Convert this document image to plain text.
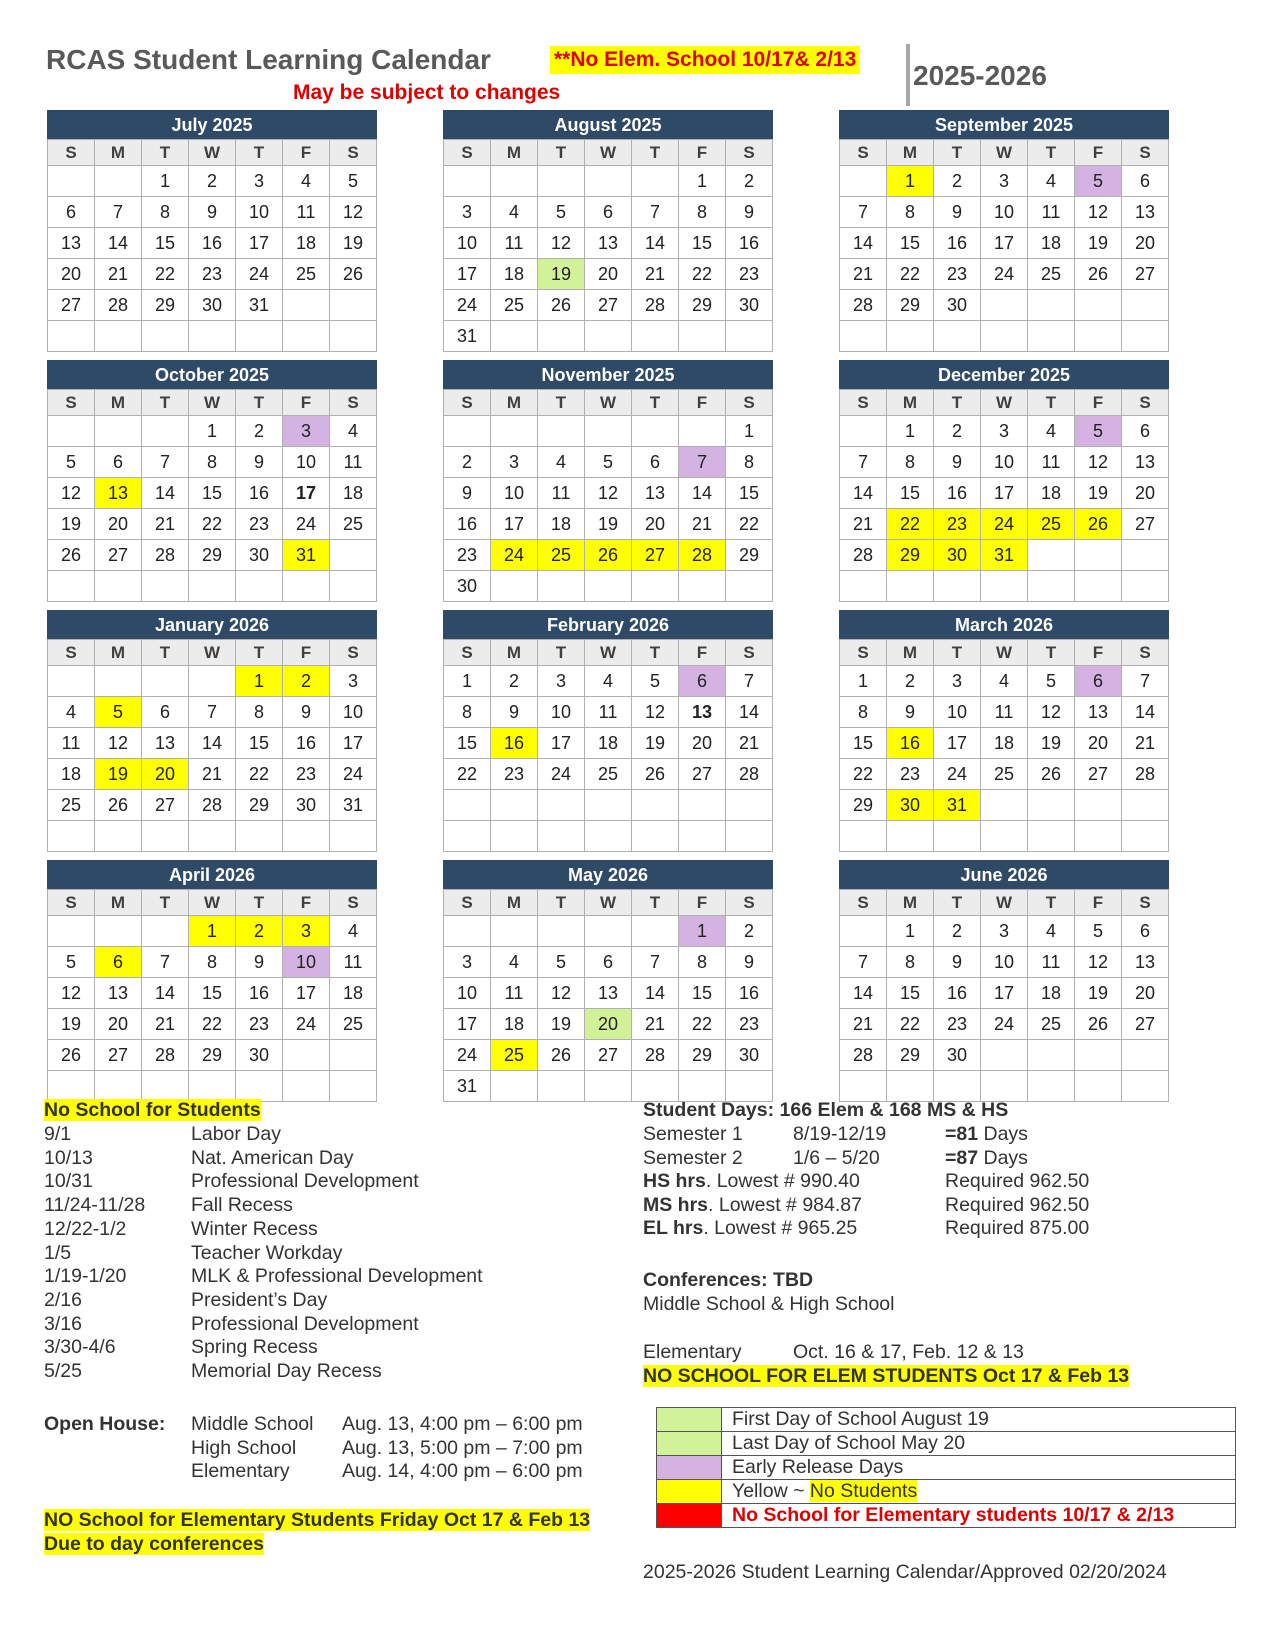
RCAS Student Learning Calendar	**No Elem. School 10/17& 2/13
May be subject to changes
2025-2026
July 2025
S	M	T	W	T	F	S
		1	2	3	4	5
6	7	8	9	10	11	12
13	14	15	16	17	18	19
20	21	22	23	24	25	26
27	28	29	30	31		

August 2025
S	M	T	W	T	F	S
					1	2
3	4	5	6	7	8	9
10	11	12	13	14	15	16
17	18	19	20	21	22	23
24	25	26	27	28	29	30
31						
September 2025
S	M	T	W	T	F	S
	1	2	3	4	5	6
7	8	9	10	11	12	13
14	15	16	17	18	19	20
21	22	23	24	25	26	27
28	29	30				

October 2025
S	M	T	W	T	F	S
			1	2	3	4
5	6	7	8	9	10	11
12	13	14	15	16	17	18
19	20	21	22	23	24	25
26	27	28	29	30	31	

November 2025
S	M	T	W	T	F	S
						1
2	3	4	5	6	7	8
9	10	11	12	13	14	15
16	17	18	19	20	21	22
23	24	25	26	27	28	29
30						
December 2025
S	M	T	W	T	F	S
	1	2	3	4	5	6
7	8	9	10	11	12	13
14	15	16	17	18	19	20
21	22	23	24	25	26	27
28	29	30	31			

January 2026
S	M	T	W	T	F	S
				1	2	3
4	5	6	7	8	9	10
11	12	13	14	15	16	17
18	19	20	21	22	23	24
25	26	27	28	29	30	31

February 2026
S	M	T	W	T	F	S
1	2	3	4	5	6	7
8	9	10	11	12	13	14
15	16	17	18	19	20	21
22	23	24	25	26	27	28

March 2026
S	M	T	W	T	F	S
1	2	3	4	5	6	7
8	9	10	11	12	13	14
15	16	17	18	19	20	21
22	23	24	25	26	27	28
29	30	31				

April 2026
S	M	T	W	T	F	S
			1	2	3	4
5	6	7	8	9	10	11
12	13	14	15	16	17	18
19	20	21	22	23	24	25
26	27	28	29	30		

May 2026
S	M	T	W	T	F	S
					1	2
3	4	5	6	7	8	9
10	11	12	13	14	15	16
17	18	19	20	21	22	23
24	25	26	27	28	29	30
31						
June 2026
S	M	T	W	T	F	S
	1	2	3	4	5	6
7	8	9	10	11	12	13
14	15	16	17	18	19	20
21	22	23	24	25	26	27
28	29	30				

No School for Students
9/1	Labor Day
10/13	Nat. American Day
10/31	Professional Development
11/24-11/28 Fall Recess
12/22-1/2	Winter Recess
1/5	Teacher Workday
1/19-1/20	MLK & Professional Development
2/16	President’s Day
3/16	Professional Development
3/30-4/6	Spring Recess
5/25	Memorial Day Recess
Open House: Middle School Aug. 13, 4:00 pm – 6:00 pm
High School Aug. 13, 5:00 pm – 7:00 pm
Elementary	Aug. 14, 4:00 pm – 6:00 pm
NO School for Elementary Students Friday Oct 17 & Feb 13
Due to day conferences
Student Days: 166 Elem & 168 MS & HS
Semester 1	8/19-12/19	=81 Days
Semester 2	1/6 – 5/20	=87 Days
HS hrs. Lowest # 990.40	Required 962.50
MS hrs. Lowest # 984.87	Required 962.50
EL hrs. Lowest # 965.25	Required 875.00
Conferences: TBD
Middle School & High School
Elementary	Oct. 16 & 17, Feb. 12 & 13
NO SCHOOL FOR ELEM STUDENTS Oct 17 & Feb 13
	First Day of School August 19
	Last Day of School May 20
	Early Release Days
	Yellow ~ No Students
	No School for Elementary students 10/17 & 2/13
2025-2026 Student Learning Calendar/Approved 02/20/2024
